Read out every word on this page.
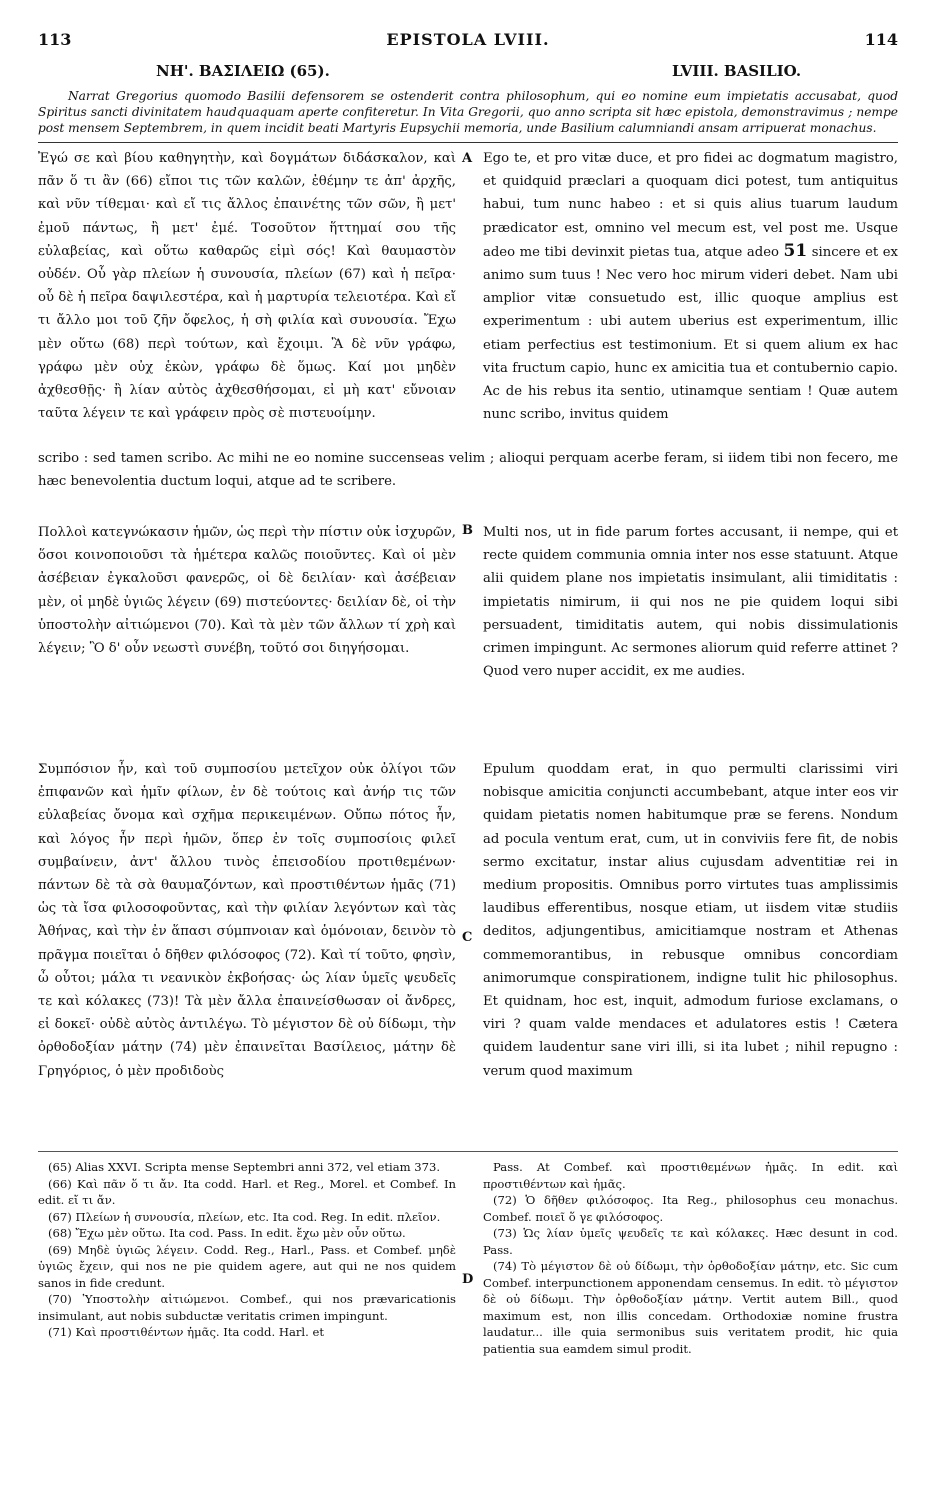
113	EPISTOLA LVIII.	114
ΝΗ'. ΒΑΣΙΛΕΙΩ (65).	LVIII. BASILIO.
Narrat Gregorius quomodo Basilii defensorem se ostenderit contra philosophum, qui eo nomine eum impietatis accusabat, quod Spiritus sancti divinitatem haudquaquam aperte confiteretur. In Vita Gregorii, quo anno scripta sit hæc epistola, demonstravimus ; nempe post mensem Septembrem, in quem incidit beati Martyris Eupsychii memoria, unde Basilium calumniandi ansam arripuerat monachus.
Ἐγώ σε καὶ βίου καθηγητὴν, καὶ δογμάτων διδάσκαλον, καὶ πᾶν ὅ τι ἂν (66) εἴποι τις τῶν καλῶν, ἐθέμην τε ἀπ' ἀρχῆς, καὶ νῦν τίθεμαι· καὶ εἴ τις ἄλλος ἐπαινέτης τῶν σῶν, ἢ μετ' ἐμοῦ πάντως, ἢ μετ' ἐμέ. Τοσοῦτον ἥττημαί σου τῆς εὐλαβείας, καὶ οὕτω καθαρῶς εἰμὶ σός! Καὶ θαυμαστὸν οὐδέν. Οὗ γὰρ πλείων ἡ συνουσία, πλείων (67) καὶ ἡ πεῖρα· οὗ δὲ ἡ πεῖρα δαψιλεστέρα, καὶ ἡ μαρτυρία τελειοτέρα. Καὶ εἴ τι ἄλλο μοι τοῦ ζῆν ὄφελος, ἡ σὴ φιλία καὶ συνουσία. Ἔχω μὲν οὕτω (68) περὶ τούτων, καὶ ἔχοιμι. Ἃ δὲ νῦν γράφω, γράφω μὲν οὐχ ἑκὼν, γράφω δὲ ὅμως. Καί μοι μηδὲν ἀχθεσθῇς· ἢ λίαν αὐτὸς ἀχθεσθήσομαι, εἰ μὴ κατ' εὔνοιαν ταῦτα λέγειν τε καὶ γράφειν πρὸς σὲ πιστευοίμην.
A Ego te, et pro vitæ duce, et pro fidei ac dogmatum magistro, et quidquid præclari a quoquam dici potest, tum antiquitus habui, tum nunc habeo : et si quis alius tuarum laudum prædicator est, omnino vel mecum est, vel post me. Usque adeo me tibi devinxit pietas tua, atque adeo 51 sincere et ex animo sum tuus ! Nec vero hoc mirum videri debet. Nam ubi amplior vitæ consuetudo est, illic quoque amplius est experimentum : ubi autem uberius est experimentum, illic etiam perfectius est testimonium. Et si quem alium ex hac vita fructum capio, hunc ex amicitia tua et contubernio capio. Ac de his rebus ita sentio, utinamque sentiam ! Quæ autem nunc scribo, invitus quidem
scribo : sed tamen scribo. Ac mihi ne eo nomine succenseas velim ; alioqui perquam acerbe feram, si iidem tibi non fecero, me hæc benevolentia ductum loqui, atque ad te scribere.
Πολλοὶ κατεγνώκασιν ἡμῶν, ὡς περὶ τὴν πίστιν οὐκ ἰσχυρῶν, ὅσοι κοινοποιοῦσι τὰ ἡμέτερα καλῶς ποιοῦντες. Καὶ οἱ μὲν ἀσέβειαν ἐγκαλοῦσι φανερῶς, οἱ δὲ δειλίαν· καὶ ἀσέβειαν μὲν, οἱ μηδὲ ὑγιῶς λέγειν (69) πιστεύοντες· δειλίαν δὲ, οἱ τὴν ὑποστολὴν αἰτιώμενοι (70). Καὶ τὰ μὲν τῶν ἄλλων τί χρὴ καὶ λέγειν; Ὃ δ' οὖν νεωστὶ συνέβη, τοῦτό σοι διηγήσομαι.
B Multi nos, ut in fide parum fortes accusant, ii nempe, qui et recte quidem communia omnia inter nos esse statuunt. Atque alii quidem plane nos impietatis insimulant, alii timiditatis : impietatis nimirum, ii qui nos ne pie quidem loqui sibi persuadent, timiditatis autem, qui nobis dissimulationis crimen impingunt. Ac sermones aliorum quid referre attinet ? Quod vero nuper accidit, ex me audies.
Συμπόσιον ἦν, καὶ τοῦ συμποσίου μετεῖχον οὐκ ὀλίγοι τῶν ἐπιφανῶν καὶ ἡμῖν φίλων, ἐν δὲ τούτοις καὶ ἀνήρ τις τῶν εὐλαβείας ὄνομα καὶ σχῆμα περικειμένων. Οὔπω πότος ἦν, καὶ λόγος ἦν περὶ ἡμῶν, ὅπερ ἐν τοῖς συμποσίοις φιλεῖ συμβαίνειν, ἀντ' ἄλλου τινὸς ἐπεισοδίου προτιθεμένων· πάντων δὲ τὰ σὰ θαυμαζόντων, καὶ προστιθέντων ἡμᾶς (71) ὡς τὰ ἴσα φιλοσοφοῦντας, καὶ τὴν φιλίαν λεγόντων καὶ τὰς Ἀθήνας, καὶ τὴν ἐν ἅπασι σύμπνοιαν καὶ ὁμόνοιαν, δεινὸν τὸ πρᾶγμα ποιεῖται ὁ δῆθεν φιλόσοφος (72). Καὶ τί τοῦτο, φησὶν, ὦ οὗτοι; μάλα τι νεανικὸν ἐκβοήσας· ὡς λίαν ὑμεῖς ψευδεῖς τε καὶ κόλακες (73)! Τὰ μὲν ἄλλα ἐπαινείσθωσαν οἱ ἄνδρες, εἰ δοκεῖ· οὐδὲ αὐτὸς ἀντιλέγω. Τὸ μέγιστον δὲ οὐ δίδωμι, τὴν ὀρθοδοξίαν μάτην (74) μὲν ἐπαινεῖται Βασίλειος, μάτην δὲ Γρηγόριος, ὁ μὲν προδιδοὺς
C
Epulum quoddam erat, in quo permulti clarissimi viri nobisque amicitia conjuncti accumbebant, atque inter eos vir quidam pietatis nomen habitumque præ se ferens. Nondum ad pocula ventum erat, cum, ut in conviviis fere fit, de nobis sermo excitatur, instar alius cujusdam adventitiæ rei in medium propositis. Omnibus porro virtutes tuas amplissimis laudibus efferentibus, nosque etiam, ut iisdem vitæ studiis deditos, adjungentibus, amicitiamque nostram et Athenas commemorantibus, in rebusque omnibus concordiam animorumque conspirationem, indigne tulit hic philosophus. Et quidnam, hoc est, inquit, admodum furiose exclamans, o viri ? quam valde mendaces et adulatores estis ! Cætera quidem laudentur sane viri illi, si ita lubet ; nihil repugno : verum quod maximum

(65) Alias XXVI. Scripta mense Septembri anni 372, vel etiam 373.

(66) Καὶ πᾶν ὅ τι ἄν. Ita codd. Harl. et Reg., Morel. et Combef. In edit. εἴ τι ἄν.

(67) Πλείων ἡ συνουσία, πλείων, etc. Ita cod. Reg. In edit. πλεῖον.

(68) Ἔχω μὲν οὕτω. Ita cod. Pass. In edit. ἔχω μὲν οὖν οὕτω.

(69) Μηδὲ ὑγιῶς λέγειν. Codd. Reg., Harl., Pass. et Combef. μηδὲ ὑγιῶς ἔχειν, qui nos ne pie quidem agere, aut qui ne nos quidem sanos in fide credunt.

(70) Ὑποστολὴν αἰτιώμενοι. Combef., qui nos prævaricationis insimulant, aut nobis subductæ veritatis crimen impingunt.

(71) Καὶ προστιθέντων ἡμᾶς. Ita codd. Harl. et

D

Pass. At Combef. καὶ προστιθεμένων ἡμᾶς. In edit. καὶ προστιθέντων καὶ ἡμᾶς.

(72) Ὁ δῆθεν φιλόσοφος. Ita Reg., philosophus ceu monachus. Combef. ποιεῖ ὅ γε φιλόσοφος.

(73) Ὡς λίαν ὑμεῖς ψευδεῖς τε καὶ κόλακες. Hæc desunt in cod. Pass.

(74) Τὸ μέγιστον δὲ οὐ δίδωμι, τὴν ὀρθοδοξίαν μάτην, etc. Sic cum Combef. interpunctionem apponendam censemus. In edit. τὸ μέγιστον δὲ οὐ δίδωμι. Τὴν ὀρθοδοξίαν μάτην. Vertit autem Bill., quod maximum est, non illis concedam. Orthodoxiæ nomine frustra laudatur... ille quia sermonibus suis veritatem prodit, hic quia patientia sua eamdem simul prodit.
